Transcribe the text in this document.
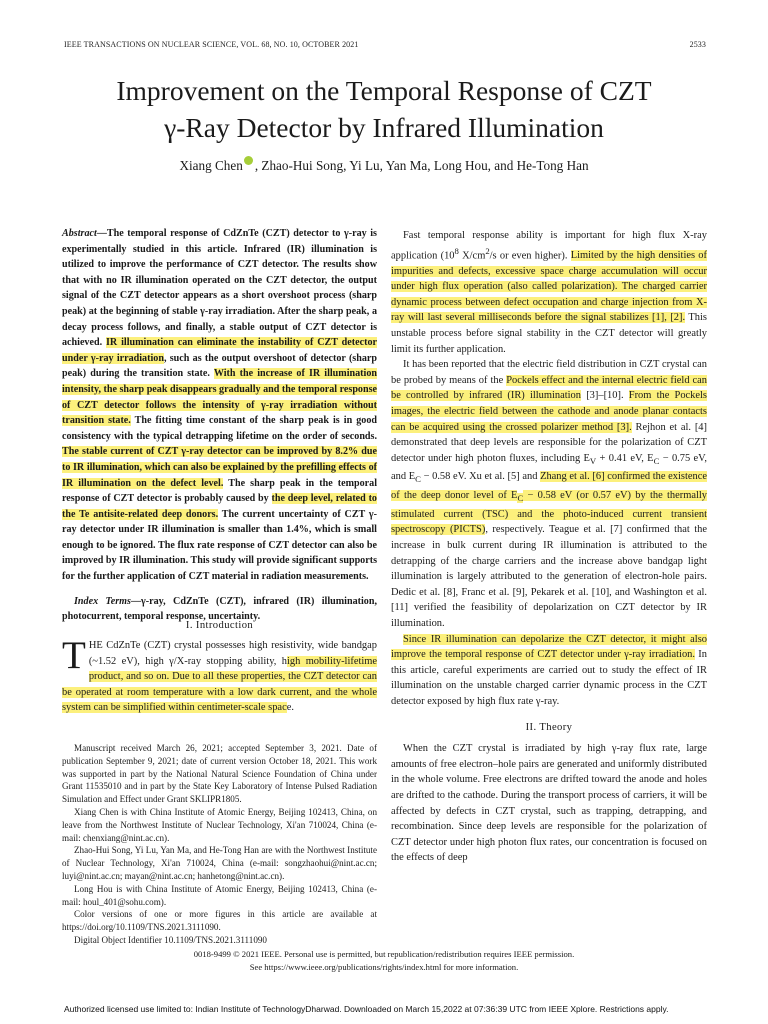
IEEE TRANSACTIONS ON NUCLEAR SCIENCE, VOL. 68, NO. 10, OCTOBER 2021	2533
Improvement on the Temporal Response of CZT
γ-Ray Detector by Infrared Illumination
Xiang Chen , Zhao-Hui Song, Yi Lu, Yan Ma, Long Hou, and He-Tong Han

Abstract—The temporal response of CdZnTe (CZT) detector to γ-ray is experimentally studied in this article. Infrared (IR) illumination is utilized to improve the performance of CZT detector. The results show that with no IR illumination operated on the CZT detector, the output signal of the CZT detector appears as a short overshoot process (sharp peak) at the beginning of stable γ-ray irradiation. After the sharp peak, a decay process follows, and finally, a stable output of CZT detector is achieved. IR illumination can eliminate the instability of CZT detector under γ-ray irradiation, such as the output overshoot of detector (sharp peak) during the transition state. With the increase of IR illumination intensity, the sharp peak disappears gradually and the temporal response of CZT detector follows the intensity of γ-ray irradiation without transition state. The fitting time constant of the sharp peak is in good consistency with the typical detrapping lifetime on the order of seconds. The stable current of CZT γ-ray detector can be improved by 8.2% due to IR illumination, which can also be explained by the prefilling effects of IR illumination on the defect level. The sharp peak in the temporal response of CZT detector is probably caused by the deep level, related to the Te antisite-related deep donors. The current uncertainty of CZT γ-ray detector under IR illumination is smaller than 1.4%, which is small enough to be ignored. The flux rate response of CZT detector can also be improved by IR illumination. This study will provide significant supports for the further application of CZT material in radiation measurements.

Index Terms—γ-ray, CdZnTe (CZT), infrared (IR) illumination, photocurrent, temporal response, uncertainty.

I. Introduction

THE CdZnTe (CZT) crystal possesses high resistivity, wide bandgap (~1.52 eV), high γ/X-ray stopping ability, high mobility-lifetime product, and so on. Due to all these properties, the CZT detector can be operated at room temperature with a low dark current, and the whole system can be simplified within centimeter-scale space.

Manuscript received March 26, 2021; accepted September 3, 2021. Date of publication September 9, 2021; date of current version October 18, 2021. This work was supported in part by the National Natural Science Foundation of China under Grant 11535010 and in part by the State Key Laboratory of Intense Pulsed Radiation Simulation and Effect under Grant SKLIPR1805.

Xiang Chen is with China Institute of Atomic Energy, Beijing 102413, China, on leave from the Northwest Institute of Nuclear Technology, Xi'an 710024, China (e-mail: chenxiang@nint.ac.cn).

Zhao-Hui Song, Yi Lu, Yan Ma, and He-Tong Han are with the Northwest Institute of Nuclear Technology, Xi'an 710024, China (e-mail: songzhaohui@nint.ac.cn; luyi@nint.ac.cn; mayan@nint.ac.cn; hanhetong@nint.ac.cn).

Long Hou is with China Institute of Atomic Energy, Beijing 102413, China (e-mail: houl_401@sohu.com).

Color versions of one or more figures in this article are available at https://doi.org/10.1109/TNS.2021.3111090.

Digital Object Identifier 10.1109/TNS.2021.3111090

Fast temporal response ability is important for high flux X-ray application ($10^8$ $X/cm^2/s$ or even higher). Limited by the high densities of impurities and defects, excessive space charge accumulation will occur under high flux operation (also called polarization). The charged carrier dynamic process between defect occupation and charge injection from X-ray will last several milliseconds before the signal stabilizes [1], [2]. This unstable process before signal stability in the CZT detector will greatly limit its further application.

It has been reported that the electric field distribution in CZT crystal can be probed by means of the Pockels effect and the internal electric field can be controlled by infrared (IR) illumination [3]–[10]. From the Pockels images, the electric field between the cathode and anode planar contacts can be acquired using the crossed polarizer method [3]. Rejhon et al. [4] demonstrated that deep levels are responsible for the polarization of CZT detector under high photon fluxes, including $E_V + 0.41$ eV, $E_C - 0.75$ eV, and $E_C - 0.58$ eV. Xu et al. [5] and Zhang et al. [6] confirmed the existence of the deep donor level of $E_C - 0.58$ eV (or 0.57 eV) by the thermally stimulated current (TSC) and the photo-induced current transient spectroscopy (PICTS), respectively. Teague et al. [7] confirmed that the increase in bulk current during IR illumination is attributed to the detrapping of the charge carriers and the increase above bandgap light illumination is largely attributed to the generation of electron-hole pairs. Dedic et al. [8], Franc et al. [9], Pekarek et al. [10], and Washington et al. [11] verified the feasibility of depolarization on CZT detector by IR illumination.

Since IR illumination can depolarize the CZT detector, it might also improve the temporal response of CZT detector under γ-ray irradiation. In this article, careful experiments are carried out to study the effect of IR illumination on the unstable charged carrier dynamic process in the CZT detector exposed by high flux rate γ-ray.

II. Theory

When the CZT crystal is irradiated by high γ-ray flux rate, large amounts of free electron–hole pairs are generated and uniformly distributed in the whole volume. Free electrons are drifted toward the anode and holes are drifted to the cathode. During the transport process of carriers, it will be affected by defects in CZT crystal, such as trapping, detrapping, and recombination. Since deep levels are responsible for the polarization of CZT detector under high photon flux rates, our concentration is focused on the effects of deep

0018-9499 © 2021 IEEE. Personal use is permitted, but republication/redistribution requires IEEE permission.
See https://www.ieee.org/publications/rights/index.html for more information.
Authorized licensed use limited to: Indian Institute of TechnologyDharwad. Downloaded on March 15,2022 at 07:36:39 UTC from IEEE Xplore. Restrictions apply.
